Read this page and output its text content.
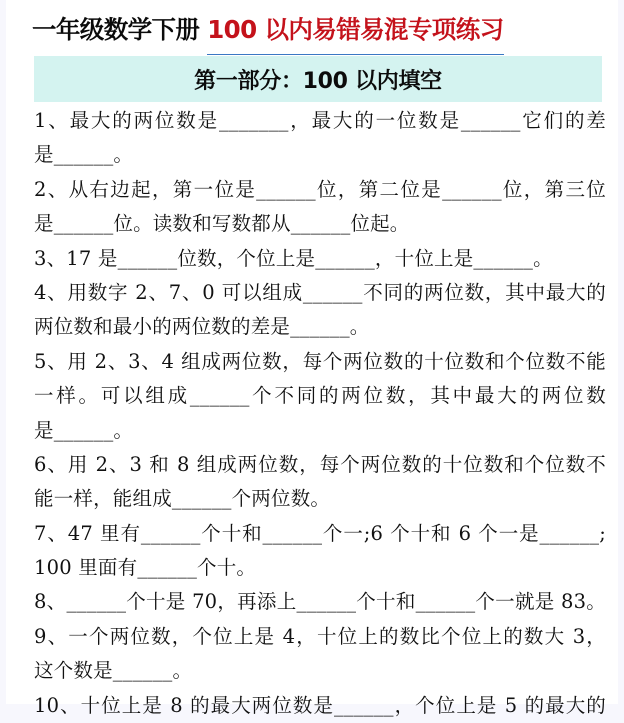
一年级数学下册 100 以内易错易混专项练习
第一部分：100 以内填空
1、最大的两位数是_______，最大的一位数是______它们的差
是______。
2、从右边起，第一位是______位，第二位是______位，第三位
是______位。读数和写数都从______位起。
3、17 是______位数，个位上是______，十位上是______。
4、用数字 2、7、0 可以组成______不同的两位数，其中最大的
两位数和最小的两位数的差是______。
5、用 2、3、4 组成两位数，每个两位数的十位数和个位数不能
一样。可以组成______个不同的两位数，其中最大的两位数
是______。
6、用 2、3 和 8 组成两位数，每个两位数的十位数和个位数不
能一样，能组成______个两位数。
7、47 里有______个十和______个一;6 个十和 6 个一是______;
100 里面有______个十。
8、______个十是 70，再添上______个十和______个一就是 83。
9、一个两位数，个位上是 4，十位上的数比个位上的数大 3，
这个数是______。
10、十位上是 8 的最大两位数是______，个位上是 5 的最大的
